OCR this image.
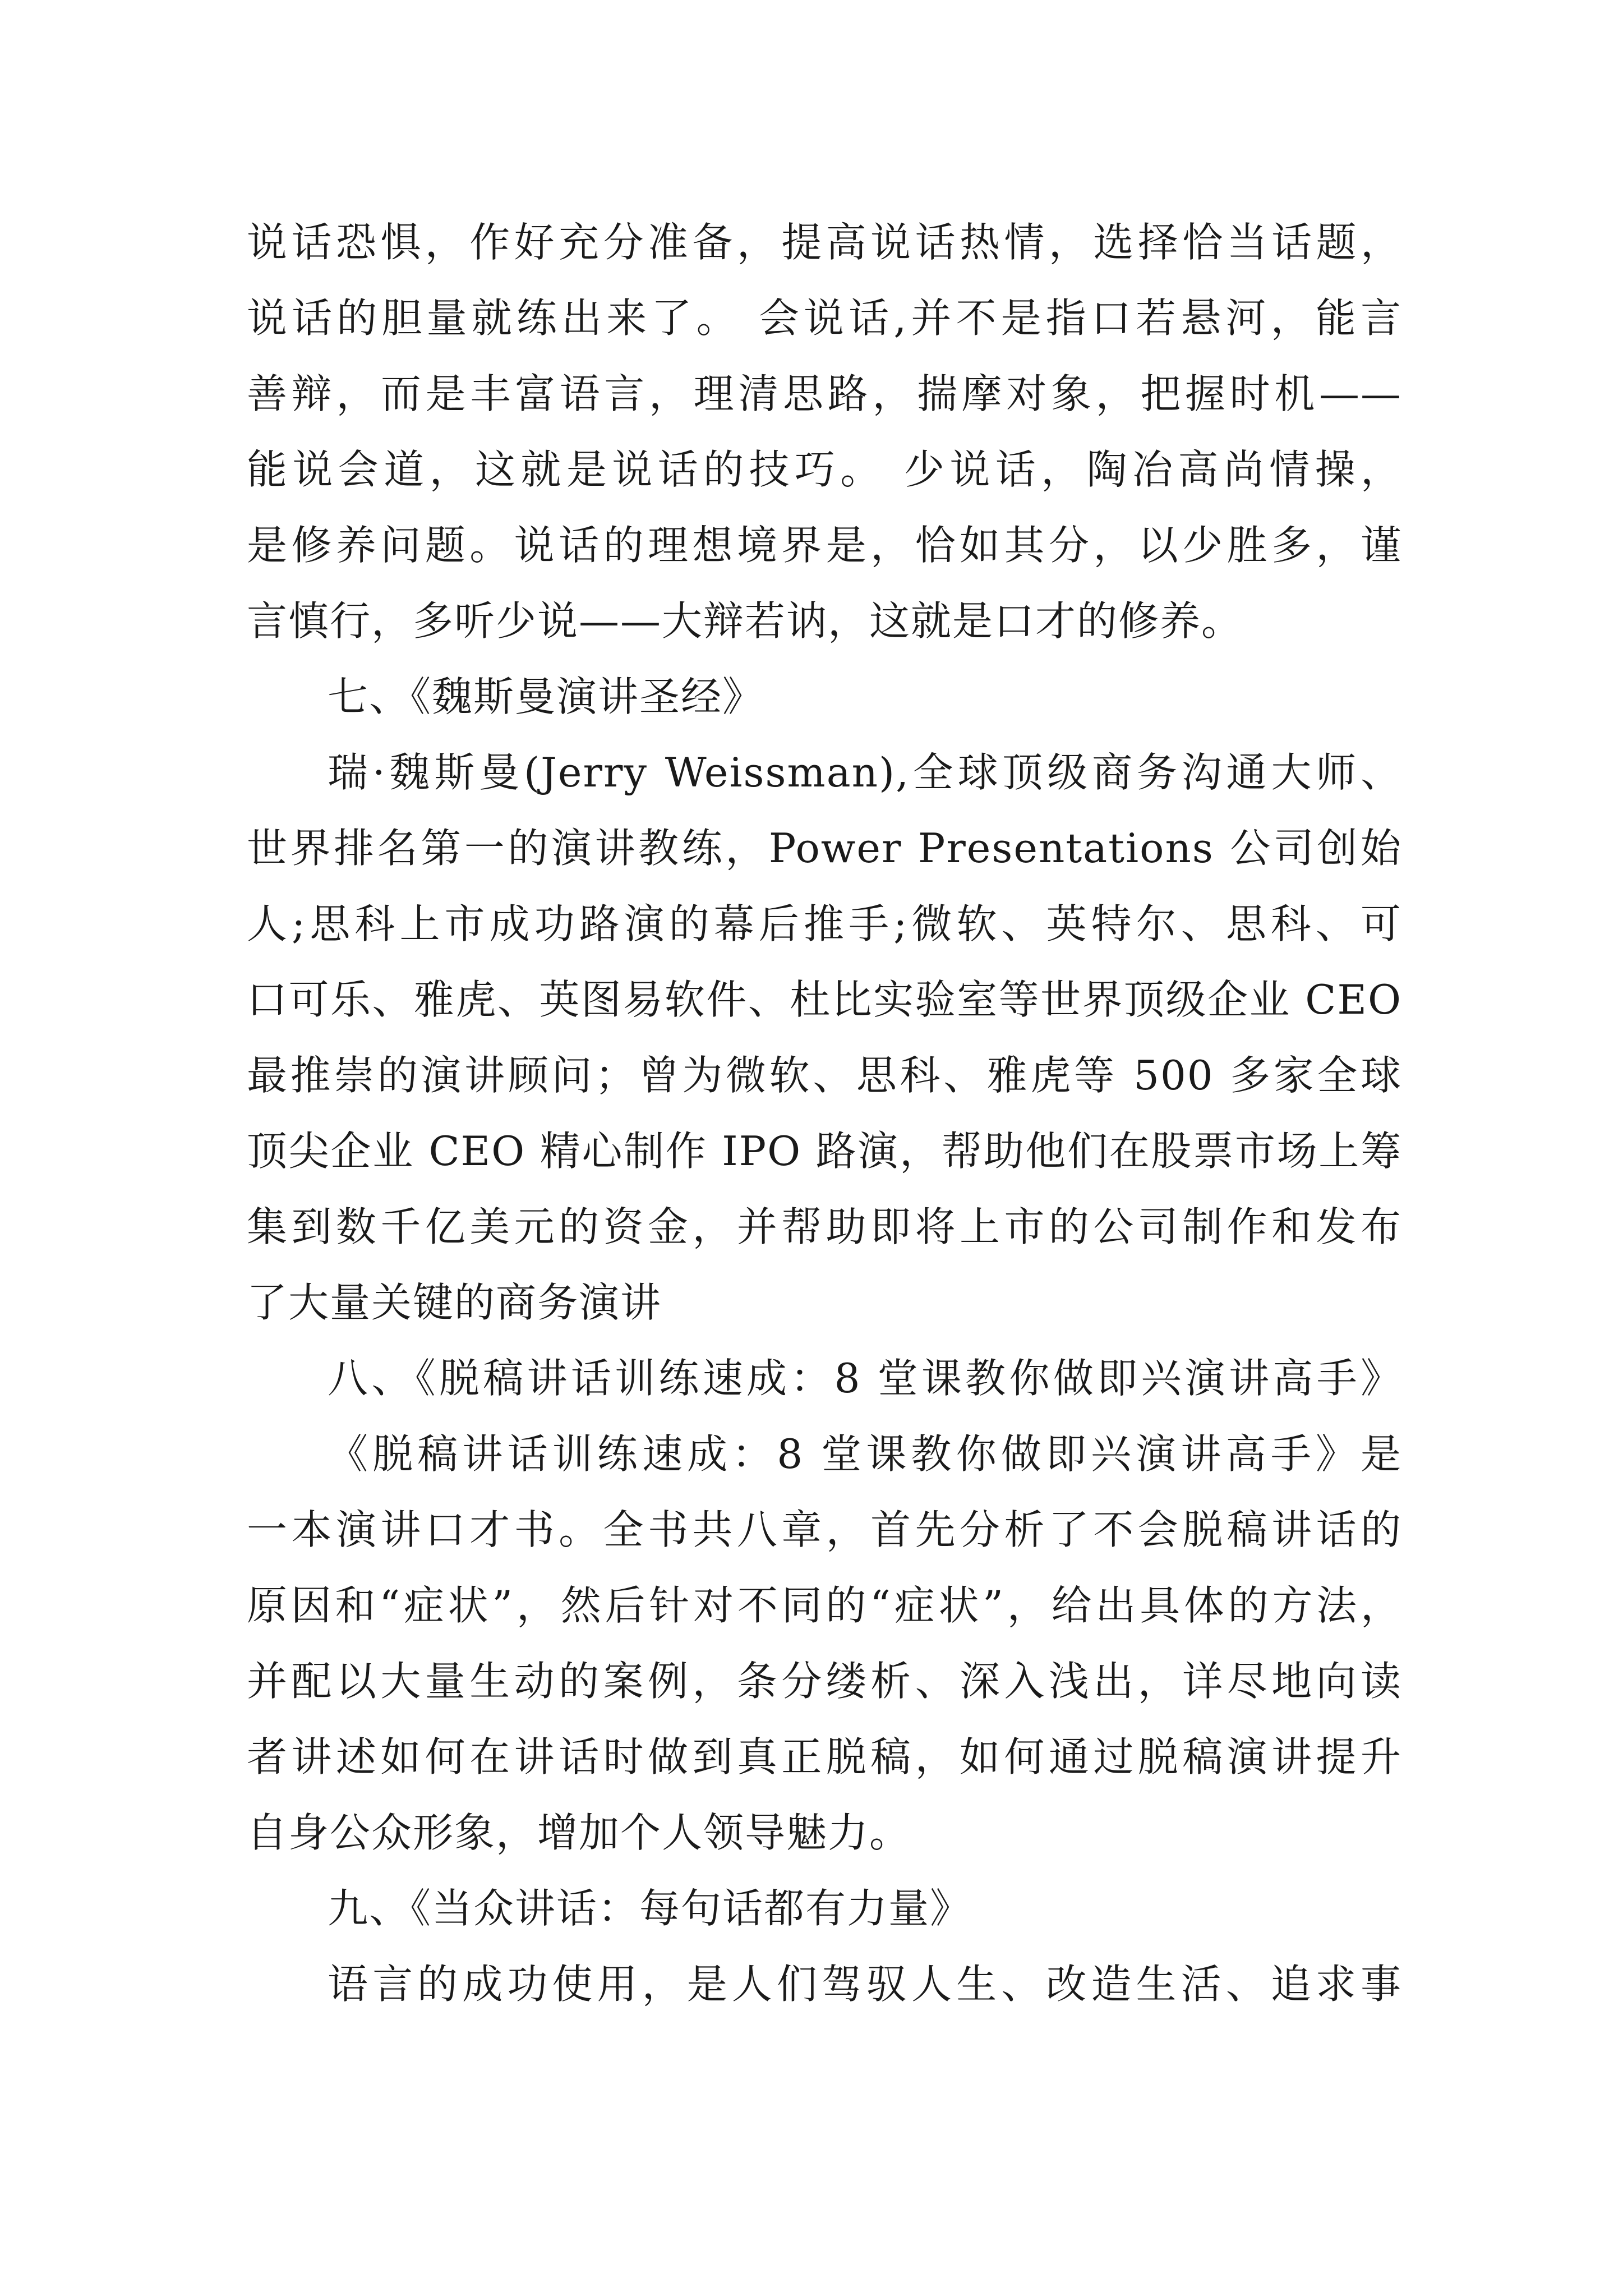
说话恐惧，作好充分准备，提高说话热情，选择恰当话题，
说话的胆量就练出来了。 会说话,并不是指口若悬河，能言
善辩，而是丰富语言，理清思路，揣摩对象，把握时机——
能说会道，这就是说话的技巧。 少说话，陶冶高尚情操，
是修养问题。说话的理想境界是，恰如其分，以少胜多，谨
言慎行，多听少说——大辩若讷，这就是口才的修养。
七、《魏斯曼演讲圣经》
瑞·魏斯曼(Jerry Weissman),全球顶级商务沟通大师、
世界排名第一的演讲教练，Power Presentations 公司创始
人;思科上市成功路演的幕后推手;微软、英特尔、思科、可
口可乐、雅虎、英图易软件、杜比实验室等世界顶级企业 CEO
最推崇的演讲顾问；曾为微软、思科、雅虎等 500 多家全球
顶尖企业 CEO 精心制作 IPO 路演，帮助他们在股票市场上筹
集到数千亿美元的资金，并帮助即将上市的公司制作和发布
了大量关键的商务演讲
八、《脱稿讲话训练速成：8 堂课教你做即兴演讲高手》
《脱稿讲话训练速成：8 堂课教你做即兴演讲高手》是
一本演讲口才书。全书共八章，首先分析了不会脱稿讲话的
原因和“症状”，然后针对不同的“症状”，给出具体的方法，
并配以大量生动的案例，条分缕析、深入浅出，详尽地向读
者讲述如何在讲话时做到真正脱稿，如何通过脱稿演讲提升
自身公众形象，增加个人领导魅力。
九、《当众讲话：每句话都有力量》
语言的成功使用，是人们驾驭人生、改造生活、追求事
